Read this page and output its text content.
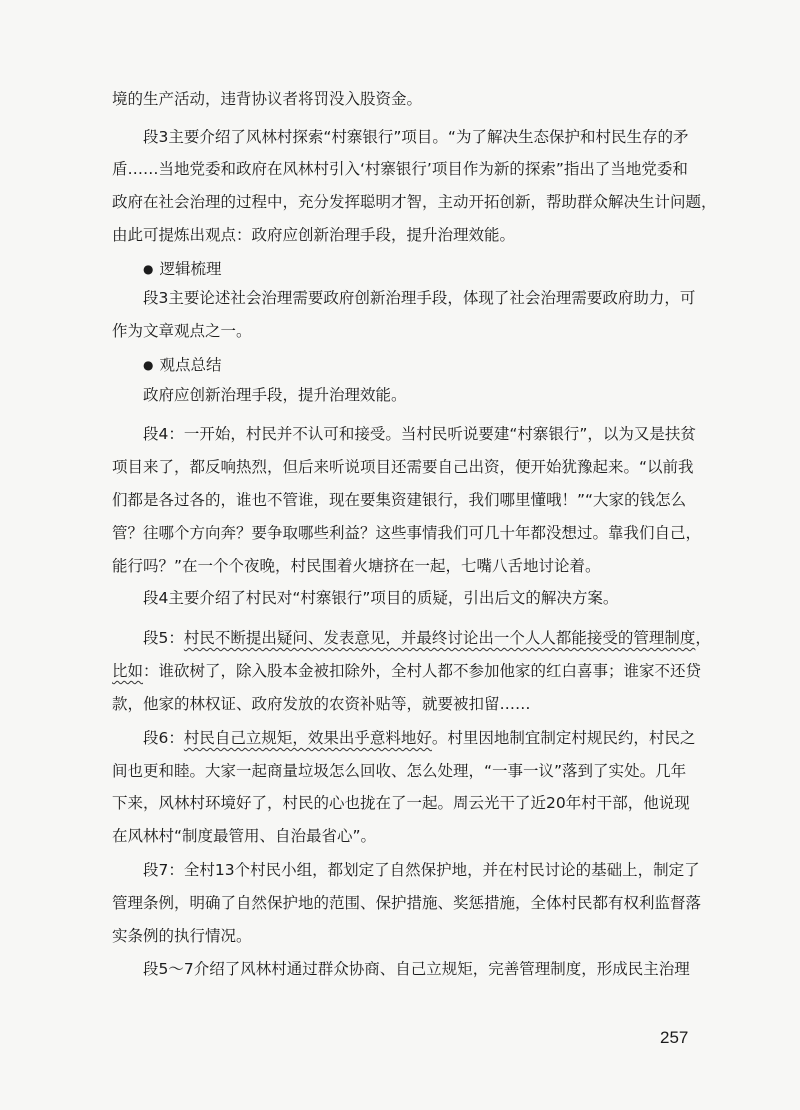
境的生产活动，违背协议者将罚没入股资金。
段3主要介绍了风林村探索“村寨银行”项目。“为了解决生态保护和村民生存的矛
盾……当地党委和政府在风林村引入‘村寨银行’项目作为新的探索”指出了当地党委和
政府在社会治理的过程中，充分发挥聪明才智，主动开拓创新，帮助群众解决生计问题，
由此可提炼出观点：政府应创新治理手段，提升治理效能。
● 逻辑梳理
段3主要论述社会治理需要政府创新治理手段，体现了社会治理需要政府助力，可
作为文章观点之一。
● 观点总结
政府应创新治理手段，提升治理效能。
段4：一开始，村民并不认可和接受。当村民听说要建“村寨银行”，以为又是扶贫
项目来了，都反响热烈，但后来听说项目还需要自己出资，便开始犹豫起来。“以前我
们都是各过各的，谁也不管谁，现在要集资建银行，我们哪里懂哦！”“大家的钱怎么
管？往哪个方向奔？要争取哪些利益？这些事情我们可几十年都没想过。靠我们自己，
能行吗？”在一个个夜晚，村民围着火塘挤在一起，七嘴八舌地讨论着。
段4主要介绍了村民对“村寨银行”项目的质疑，引出后文的解决方案。
段5：村民不断提出疑问、发表意见，并最终讨论出一个人人都能接受的管理制度，
比如：谁砍树了，除入股本金被扣除外，全村人都不参加他家的红白喜事；谁家不还贷
款，他家的林权证、政府发放的农资补贴等，就要被扣留……
段6：村民自己立规矩，效果出乎意料地好。村里因地制宜制定村规民约，村民之
间也更和睦。大家一起商量垃圾怎么回收、怎么处理，“一事一议”落到了实处。几年
下来，风林村环境好了，村民的心也拢在了一起。周云光干了近20年村干部，他说现
在风林村“制度最管用、自治最省心”。
段7：全村13个村民小组，都划定了自然保护地，并在村民讨论的基础上，制定了
管理条例，明确了自然保护地的范围、保护措施、奖惩措施，全体村民都有权利监督落
实条例的执行情况。
段5～7介绍了风林村通过群众协商、自己立规矩，完善管理制度，形成民主治理
257
